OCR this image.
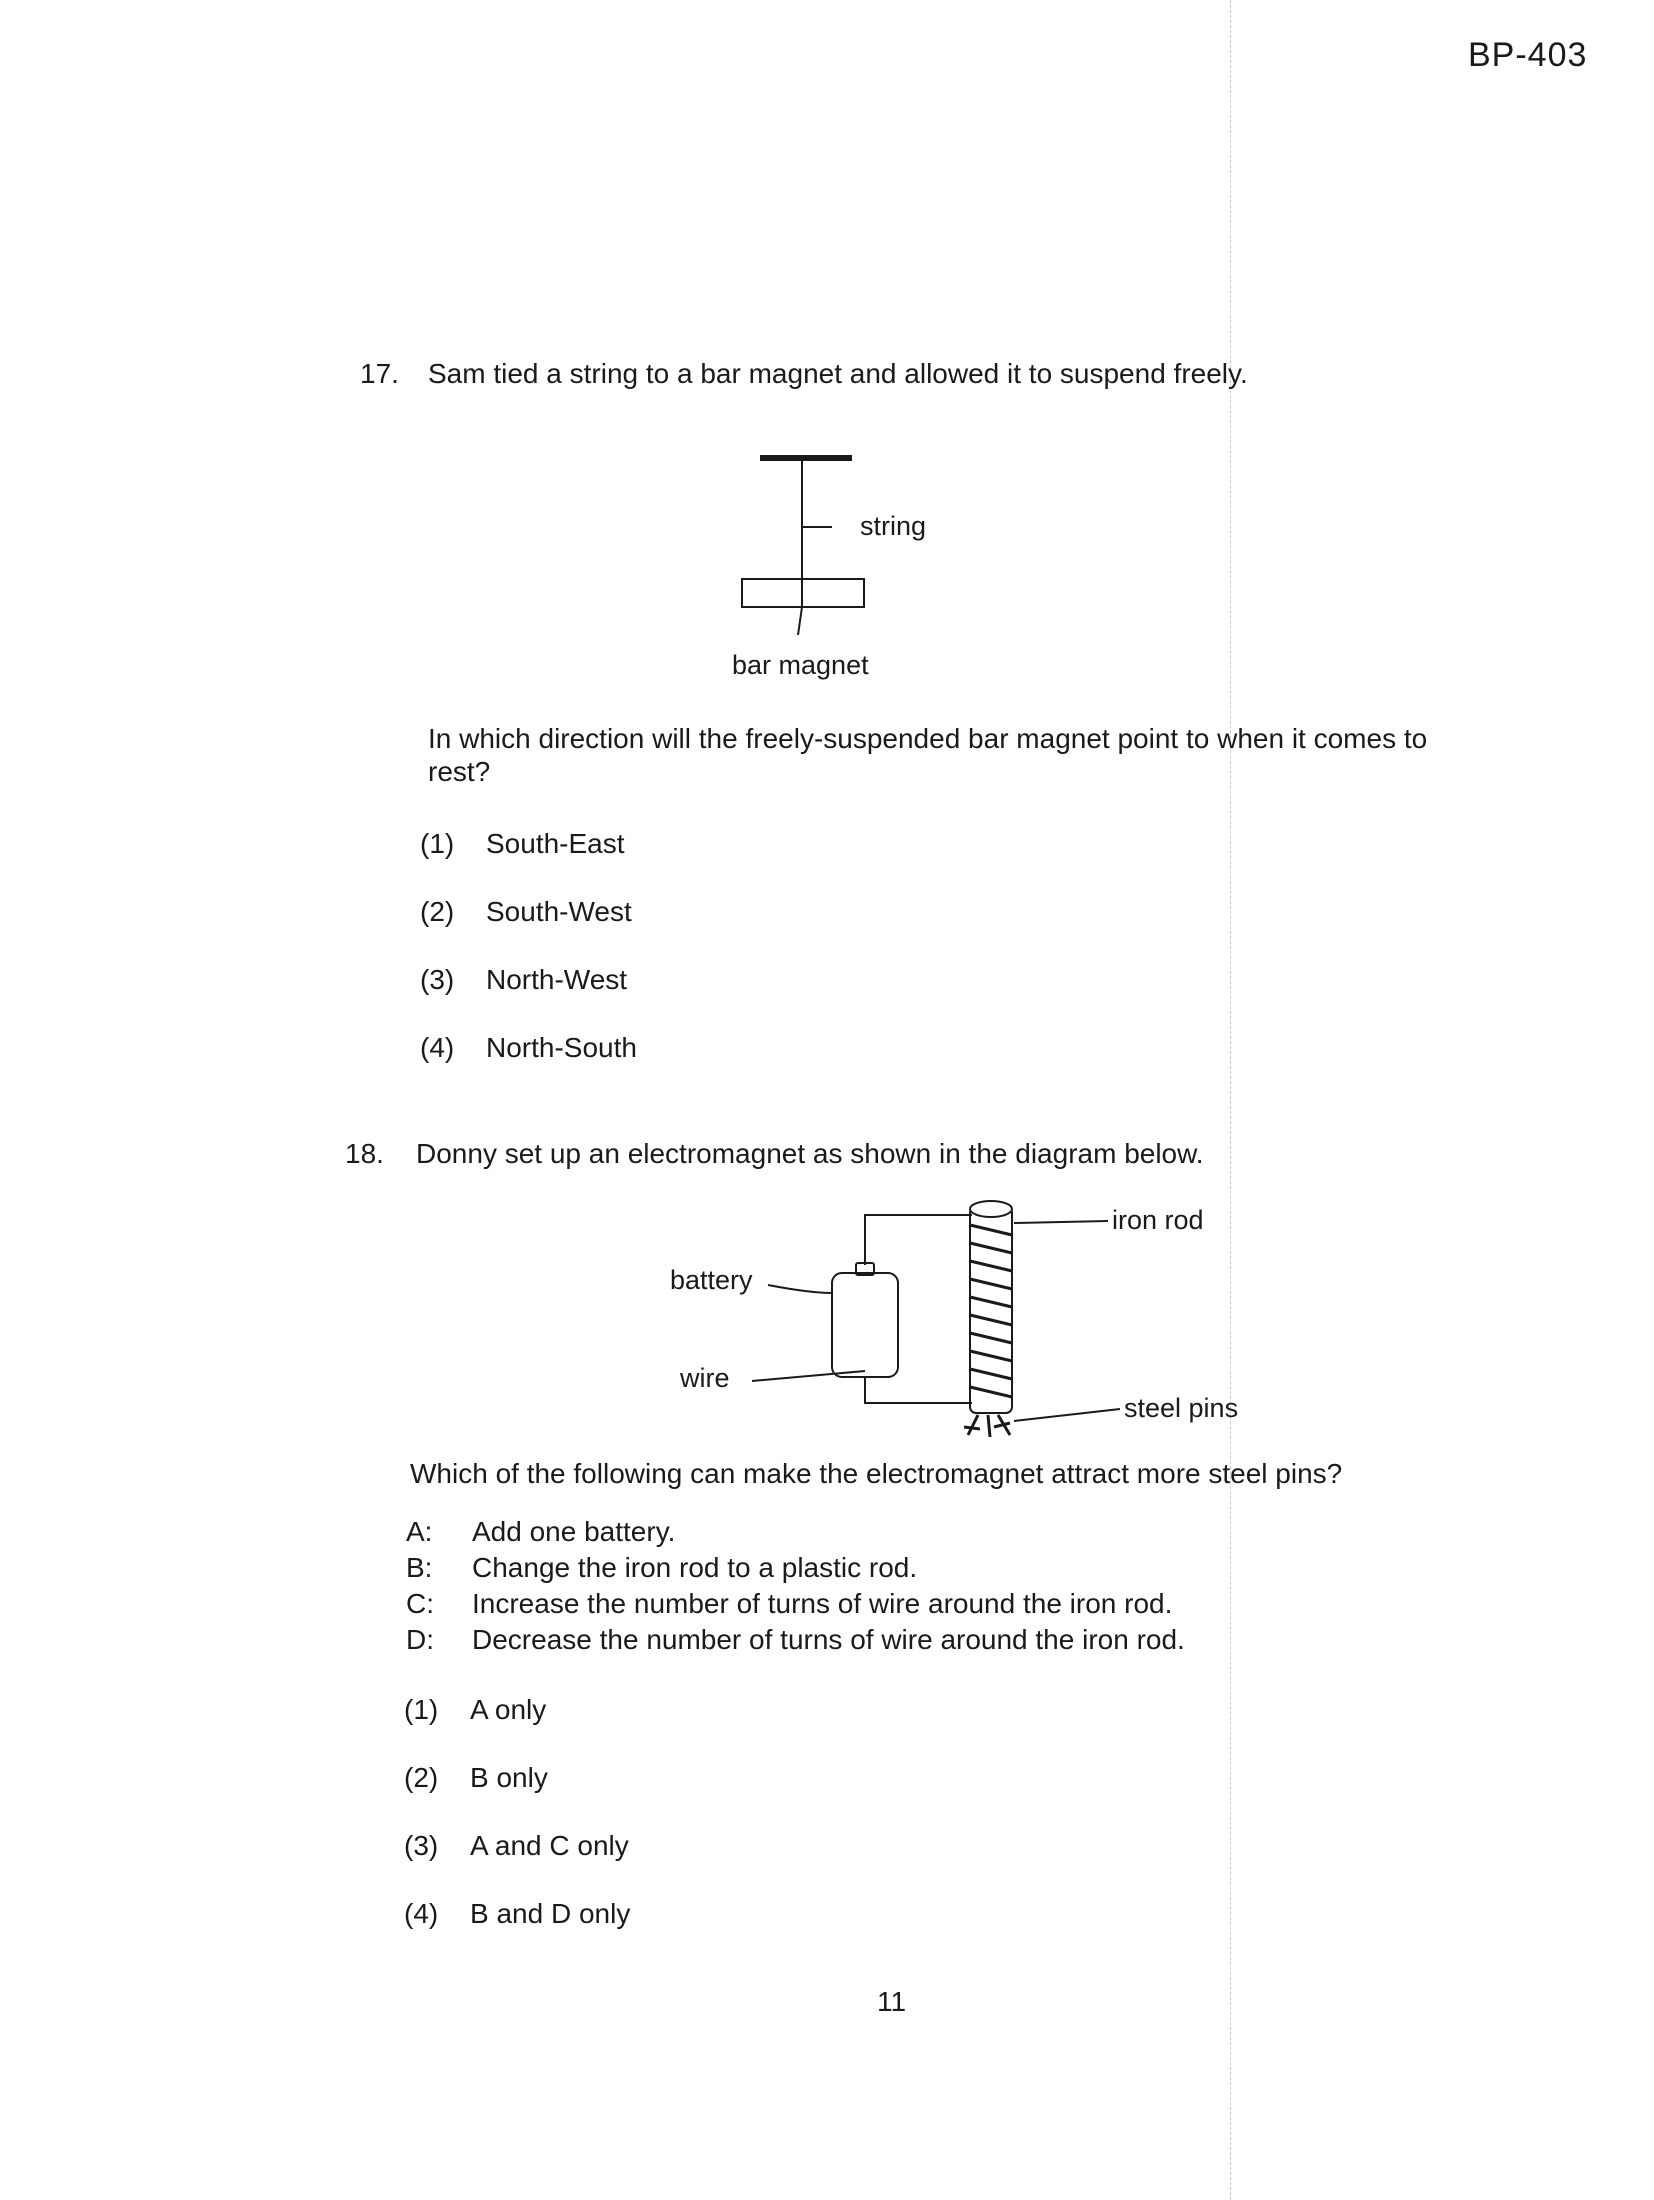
BP-403
17. Sam tied a string to a bar magnet and allowed it to suspend freely.
string
bar magnet
In which direction will the freely-suspended bar magnet point to when it comes to rest?
(1)	South-East
(2)	South-West
(3)	North-West
(4)	North-South
18. Donny set up an electromagnet as shown in the diagram below.
iron rod
battery
wire
steel pins
Which of the following can make the electromagnet attract more steel pins?
A:	Add one battery.
B:	Change the iron rod to a plastic rod.
C:	Increase the number of turns of wire around the iron rod.
D:	Decrease the number of turns of wire around the iron rod.
(1)	A only
(2)	B only
(3)	A and C only
(4)	B and D only
11
